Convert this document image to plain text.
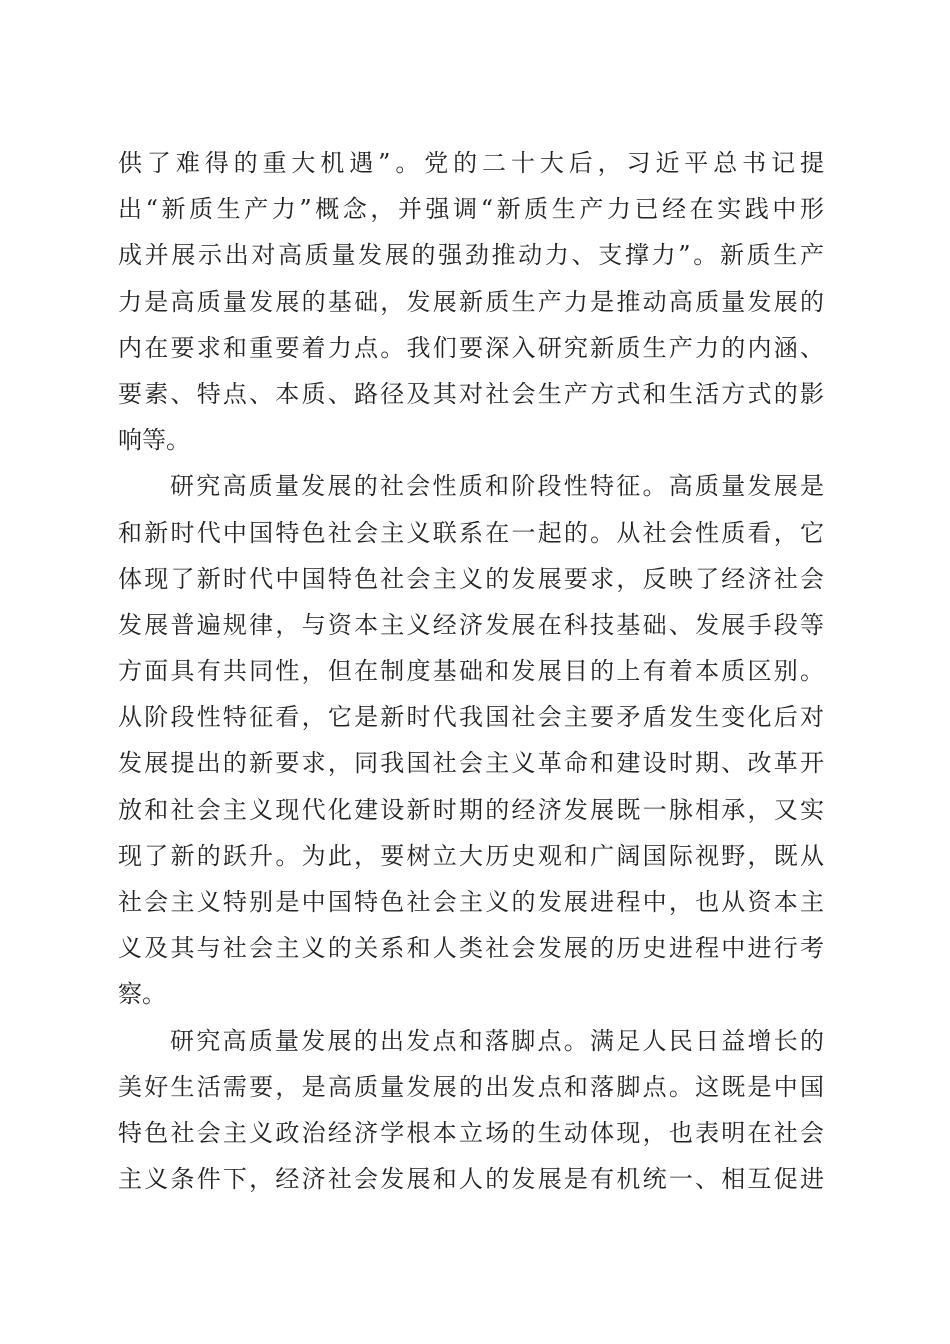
供了难得的重大机遇”。党的二十大后，习近平总书记提
出“新质生产力”概念，并强调“新质生产力已经在实践中形
成并展示出对高质量发展的强劲推动力、支撑力”。新质生产
力是高质量发展的基础，发展新质生产力是推动高质量发展的
内在要求和重要着力点。我们要深入研究新质生产力的内涵、
要素、特点、本质、路径及其对社会生产方式和生活方式的影
响等。
研究高质量发展的社会性质和阶段性特征。高质量发展是
和新时代中国特色社会主义联系在一起的。从社会性质看，它
体现了新时代中国特色社会主义的发展要求，反映了经济社会
发展普遍规律，与资本主义经济发展在科技基础、发展手段等
方面具有共同性，但在制度基础和发展目的上有着本质区别。
从阶段性特征看，它是新时代我国社会主要矛盾发生变化后对
发展提出的新要求，同我国社会主义革命和建设时期、改革开
放和社会主义现代化建设新时期的经济发展既一脉相承，又实
现了新的跃升。为此，要树立大历史观和广阔国际视野，既从
社会主义特别是中国特色社会主义的发展进程中，也从资本主
义及其与社会主义的关系和人类社会发展的历史进程中进行考
察。
研究高质量发展的出发点和落脚点。满足人民日益增长的
美好生活需要，是高质量发展的出发点和落脚点。这既是中国
特色社会主义政治经济学根本立场的生动体现，也表明在社会
主义条件下，经济社会发展和人的发展是有机统一、相互促进
